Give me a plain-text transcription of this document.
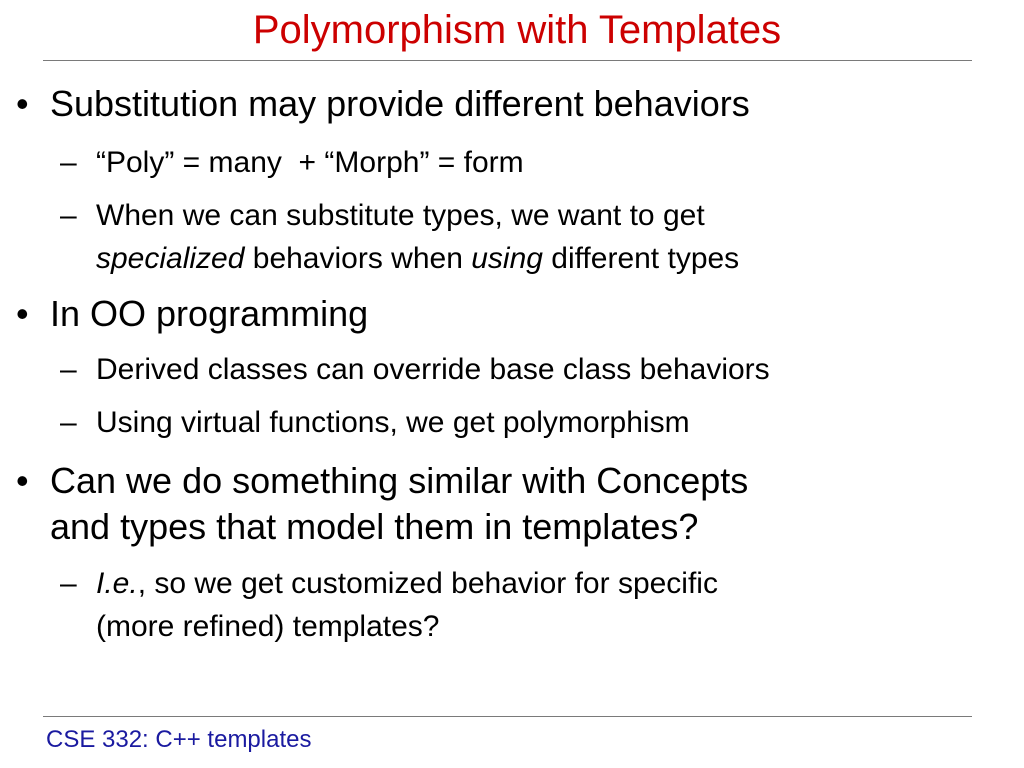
Polymorphism with Templates
• Substitution may provide different behaviors
– “Poly” = many  + “Morph” = form
– When we can substitute types, we want to get
specialized behaviors when using different types
• In OO programming
– Derived classes can override base class behaviors
– Using virtual functions, we get polymorphism
• Can we do something similar with Concepts
and types that model them in templates?
– I.e., so we get customized behavior for specific
(more refined) templates?
CSE 332: C++ templates
